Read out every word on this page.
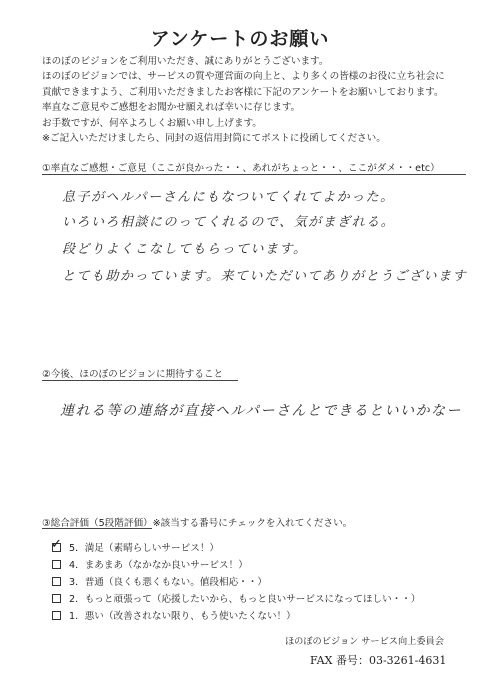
アンケートのお願い
ほのぼのビジョンをご利用いただき、誠にありがとうございます。
ほのぼのビジョンでは、サービスの質や運営面の向上と、より多くの皆様のお役に立ち社会に
貢献できますよう、ご利用いただきましたお客様に下記のアンケートをお願いしております。
率直なご意見やご感想をお聞かせ願えれば幸いに存じます。
お手数ですが、何卒よろしくお願い申し上げます。
※ご記入いただけましたら、同封の返信用封筒にてポストに投函してください。
①率直なご感想・ご意見（ここが良かった・・、あれがちょっと・・、ここがダメ・・etc）
息子がヘルパーさんにもなついてくれてよかった。
いろいろ相談にのってくれるので、気がまぎれる。
段どりよくこなしてもらっています。
とても助かっています。来ていただいてありがとうございます
②今後、ほのぼのビジョンに期待すること
連れる等の連絡が直接ヘルパーさんとできるといいかなー
③総合評価（5段階評価）※該当する番号にチェックを入れてください。
✓ 5．満足（素晴らしいサービス！）
4．まあまあ（なかなか良いサービス！）
3．普通（良くも悪くもない。値段相応・・）
2．もっと頑張って（応援したいから、もっと良いサービスになってほしい・・）
1．悪い（改善されない限り、もう使いたくない！）
ほのぼのビジョン サービス向上委員会
FAX 番号：03-3261-4631
